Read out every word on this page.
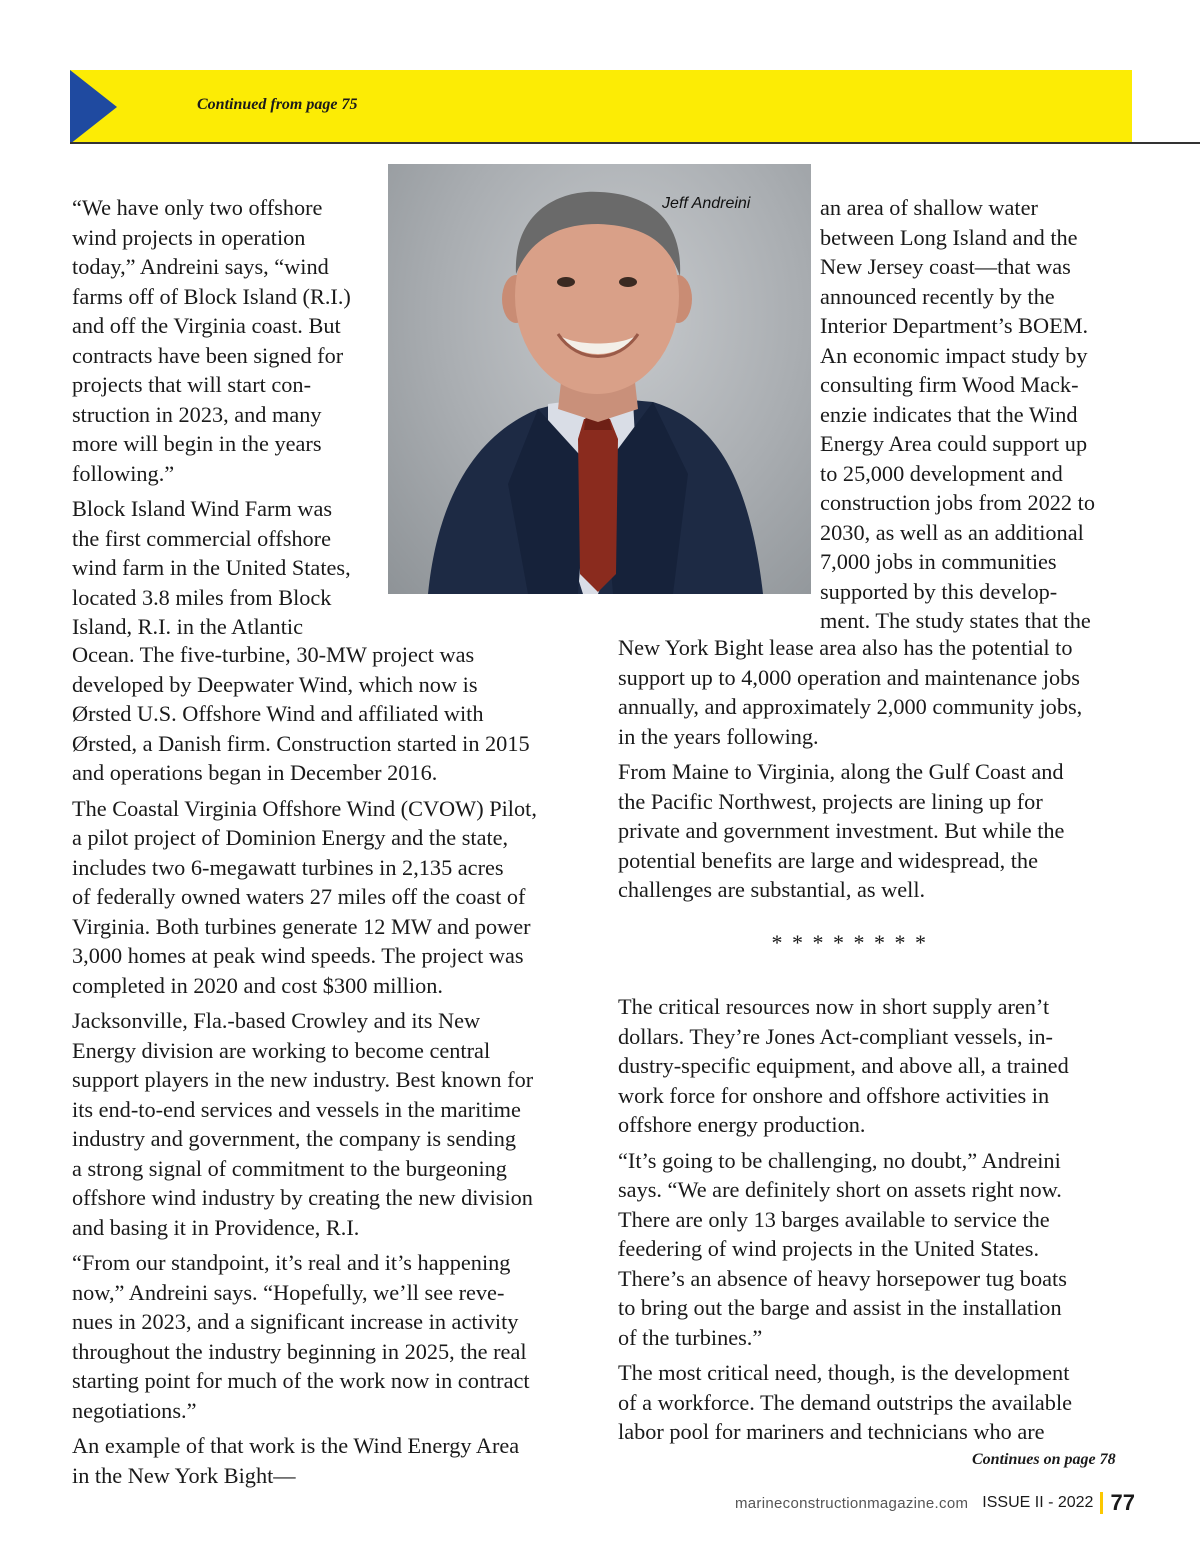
Continued from page 75
Jeff Andreini

“We have only two offshore
wind projects in operation
today,” Andreini says, “wind
farms off of Block Island (R.I.)
and off the Virginia coast. But
contracts have been signed for
projects that will start con-
struction in 2023, and many
more will begin in the years
following.”

Block Island Wind Farm was
the first commercial offshore
wind farm in the United States,
located 3.8 miles from Block
Island, R.I. in the Atlantic

Ocean. The five-turbine, 30-MW project was
developed by Deepwater Wind, which now is
Ørsted U.S. Offshore Wind and affiliated with
Ørsted, a Danish firm. Construction started in 2015
and operations began in December 2016.

The Coastal Virginia Offshore Wind (CVOW) Pilot,
a pilot project of Dominion Energy and the state,
includes two 6-megawatt turbines in 2,135 acres
of federally owned waters 27 miles off the coast of
Virginia. Both turbines generate 12 MW and power
3,000 homes at peak wind speeds. The project was
completed in 2020 and cost $300 million.

Jacksonville, Fla.-based Crowley and its New
Energy division are working to become central
support players in the new industry. Best known for
its end-to-end services and vessels in the maritime
industry and government, the company is sending
a strong signal of commitment to the burgeoning
offshore wind industry by creating the new division
and basing it in Providence, R.I.

“From our standpoint, it’s real and it’s happening
now,” Andreini says. “Hopefully, we’ll see reve-
nues in 2023, and a significant increase in activity
throughout the industry beginning in 2025, the real
starting point for much of the work now in contract
negotiations.”

An example of that work is the Wind Energy Area
in the New York Bight—

an area of shallow water
between Long Island and the
New Jersey coast—that was
announced recently by the
Interior Department’s BOEM.
An economic impact study by
consulting firm Wood Mack-
enzie indicates that the Wind
Energy Area could support up
to 25,000 development and
construction jobs from 2022 to
2030, as well as an additional
7,000 jobs in communities
supported by this develop-
ment. The study states that the

New York Bight lease area also has the potential to
support up to 4,000 operation and maintenance jobs
annually, and approximately 2,000 community jobs,
in the years following.

From Maine to Virginia, along the Gulf Coast and
the Pacific Northwest, projects are lining up for
private and government investment. But while the
potential benefits are large and widespread, the
challenges are substantial, as well.

* * * * * * * *

The critical resources now in short supply aren’t
dollars. They’re Jones Act-compliant vessels, in-
dustry-specific equipment, and above all, a trained
work force for onshore and offshore activities in
offshore energy production.

“It’s going to be challenging, no doubt,” Andreini
says. “We are definitely short on assets right now.
There are only 13 barges available to service the
feedering of wind projects in the United States.
There’s an absence of heavy horsepower tug boats
to bring out the barge and assist in the installation
of the turbines.”

The most critical need, though, is the development
of a workforce. The demand outstrips the available
labor pool for mariners and technicians who are

Continues on page 78
marineconstructionmagazine.com ISSUE II - 2022 77
